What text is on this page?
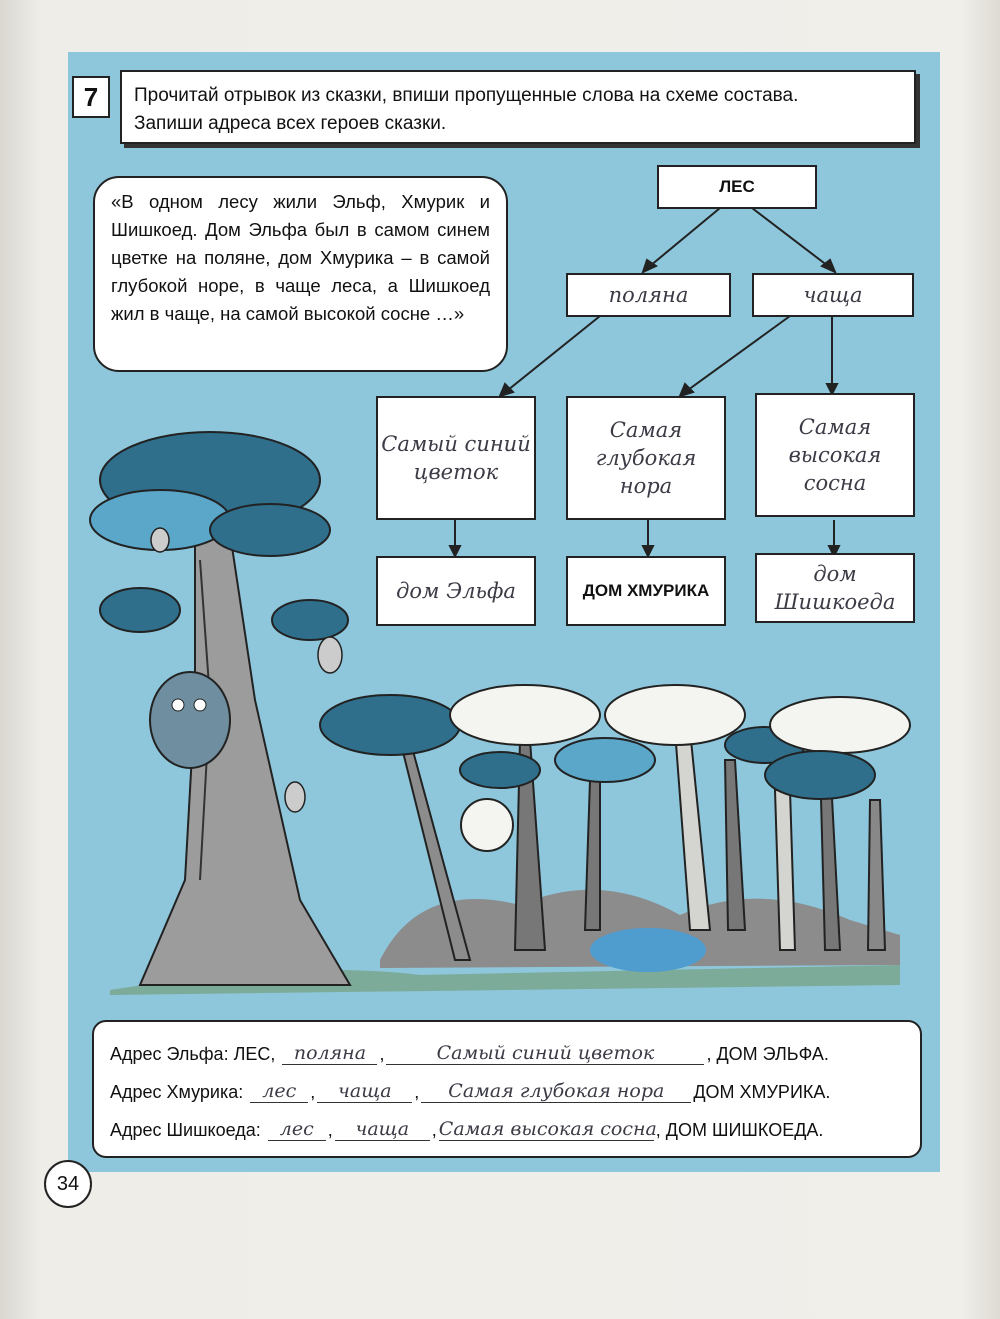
7	Прочитай отрывок из сказки, впиши пропущенные слова на схеме состава.
Запиши адреса всех героев сказки.
«В одном лесу жили Эльф, Хмурик и Шишкоед. Дом Эльфа был в самом синем цветке на поляне, дом Хмурика – в самой глубокой норе, в чаще леса, а Шишкоед жил в чаще, на самой высокой сосне …»
ЛЕС
поляна	чаща
Самый синий цветок
Самая глубокая нора
Самая высокая сосна
дом Эльфа	ДОМ ХМУРИКА
дом Шишкоеда
Адрес Эльфа:
ЛЕС,
поляна ,	Самый синий цветок	, ДОМ ЭЛЬФА.
Адрес Хмурика:
	лес ,	чаща	,	Самая глубокая нора	ДОМ ХМУРИКА.
Адрес Шишкоеда:
	лес ,	чаща	, Самая высокая сосна
, ДОМ ШИШКОЕДА.
34
